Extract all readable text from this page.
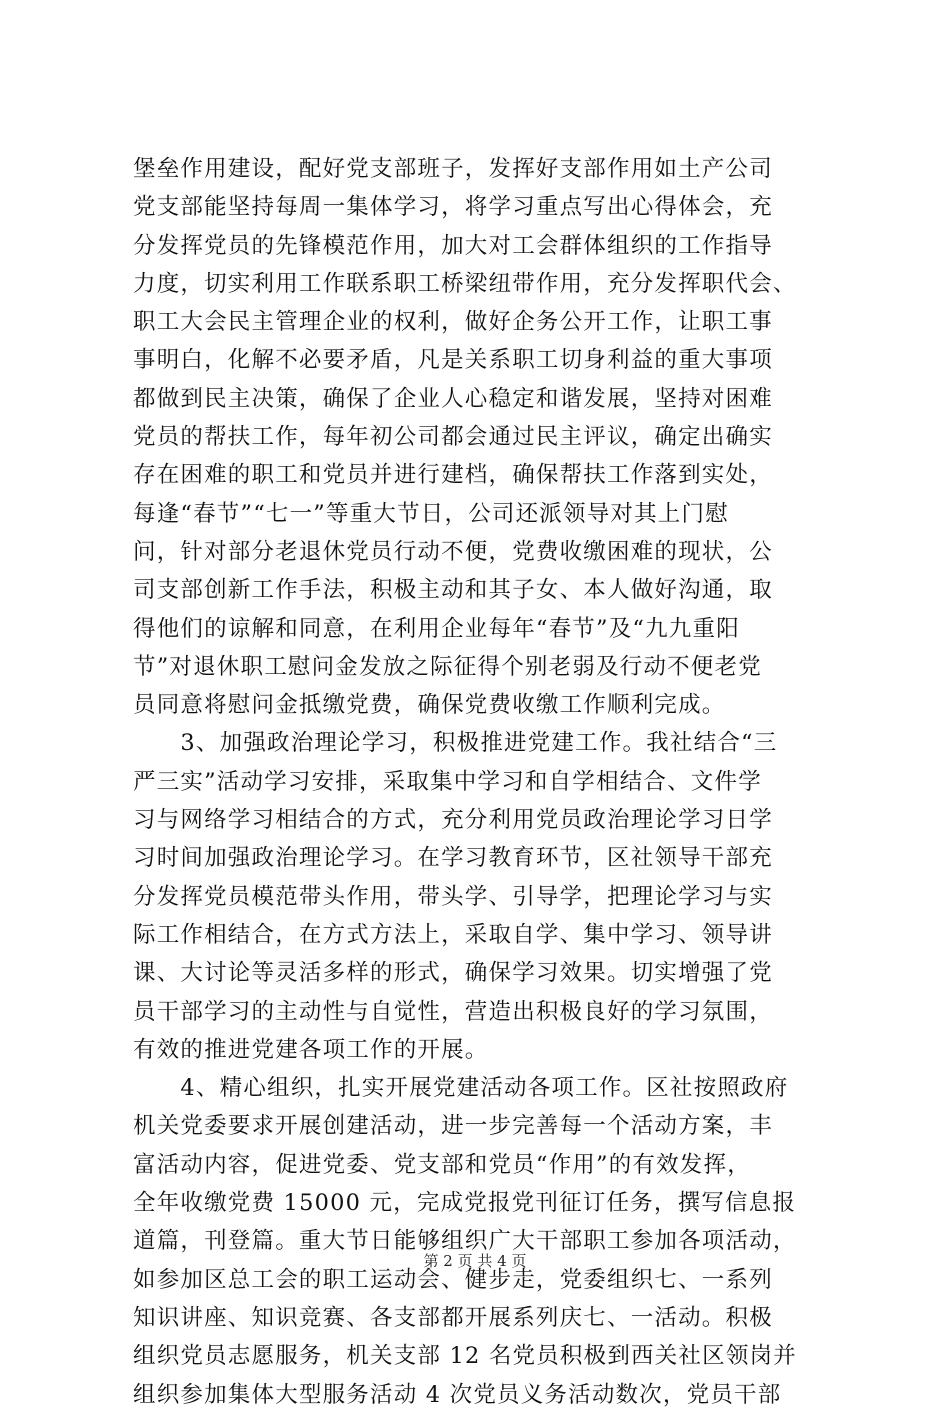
堡垒作用建设，配好党支部班子，发挥好支部作用如土产公司
党支部能坚持每周一集体学习，将学习重点写出心得体会，充
分发挥党员的先锋模范作用，加大对工会群体组织的工作指导
力度，切实利用工作联系职工桥梁纽带作用，充分发挥职代会、
职工大会民主管理企业的权利，做好企务公开工作，让职工事
事明白，化解不必要矛盾，凡是关系职工切身利益的重大事项
都做到民主决策，确保了企业人心稳定和谐发展，坚持对困难
党员的帮扶工作，每年初公司都会通过民主评议，确定出确实
存在困难的职工和党员并进行建档，确保帮扶工作落到实处，
每逢“春节”“七一”等重大节日，公司还派领导对其上门慰
问，针对部分老退休党员行动不便，党费收缴困难的现状，公
司支部创新工作手法，积极主动和其子女、本人做好沟通，取
得他们的谅解和同意，在利用企业每年“春节”及“九九重阳
节”对退休职工慰问金发放之际征得个别老弱及行动不便老党
员同意将慰问金抵缴党费，确保党费收缴工作顺利完成。
　　3、加强政治理论学习，积极推进党建工作。我社结合“三
严三实”活动学习安排，采取集中学习和自学相结合、文件学
习与网络学习相结合的方式，充分利用党员政治理论学习日学
习时间加强政治理论学习。在学习教育环节，区社领导干部充
分发挥党员模范带头作用，带头学、引导学，把理论学习与实
际工作相结合，在方式方法上，采取自学、集中学习、领导讲
课、大讨论等灵活多样的形式，确保学习效果。切实增强了党
员干部学习的主动性与自觉性，营造出积极良好的学习氛围，
有效的推进党建各项工作的开展。
　　4、精心组织，扎实开展党建活动各项工作。区社按照政府
机关党委要求开展创建活动，进一步完善每一个活动方案，丰
富活动内容，促进党委、党支部和党员“作用”的有效发挥，
全年收缴党费 15000 元，完成党报党刊征订任务，撰写信息报
道篇，刊登篇。重大节日能够组织广大干部职工参加各项活动，
如参加区总工会的职工运动会、健步走，党委组织七、一系列
知识讲座、知识竞赛、各支部都开展系列庆七、一活动。积极
组织党员志愿服务，机关支部 12 名党员积极到西关社区领岗并
组织参加集体大型服务活动 4 次党员义务活动数次，党员干部
第 2 页 共 4 页
